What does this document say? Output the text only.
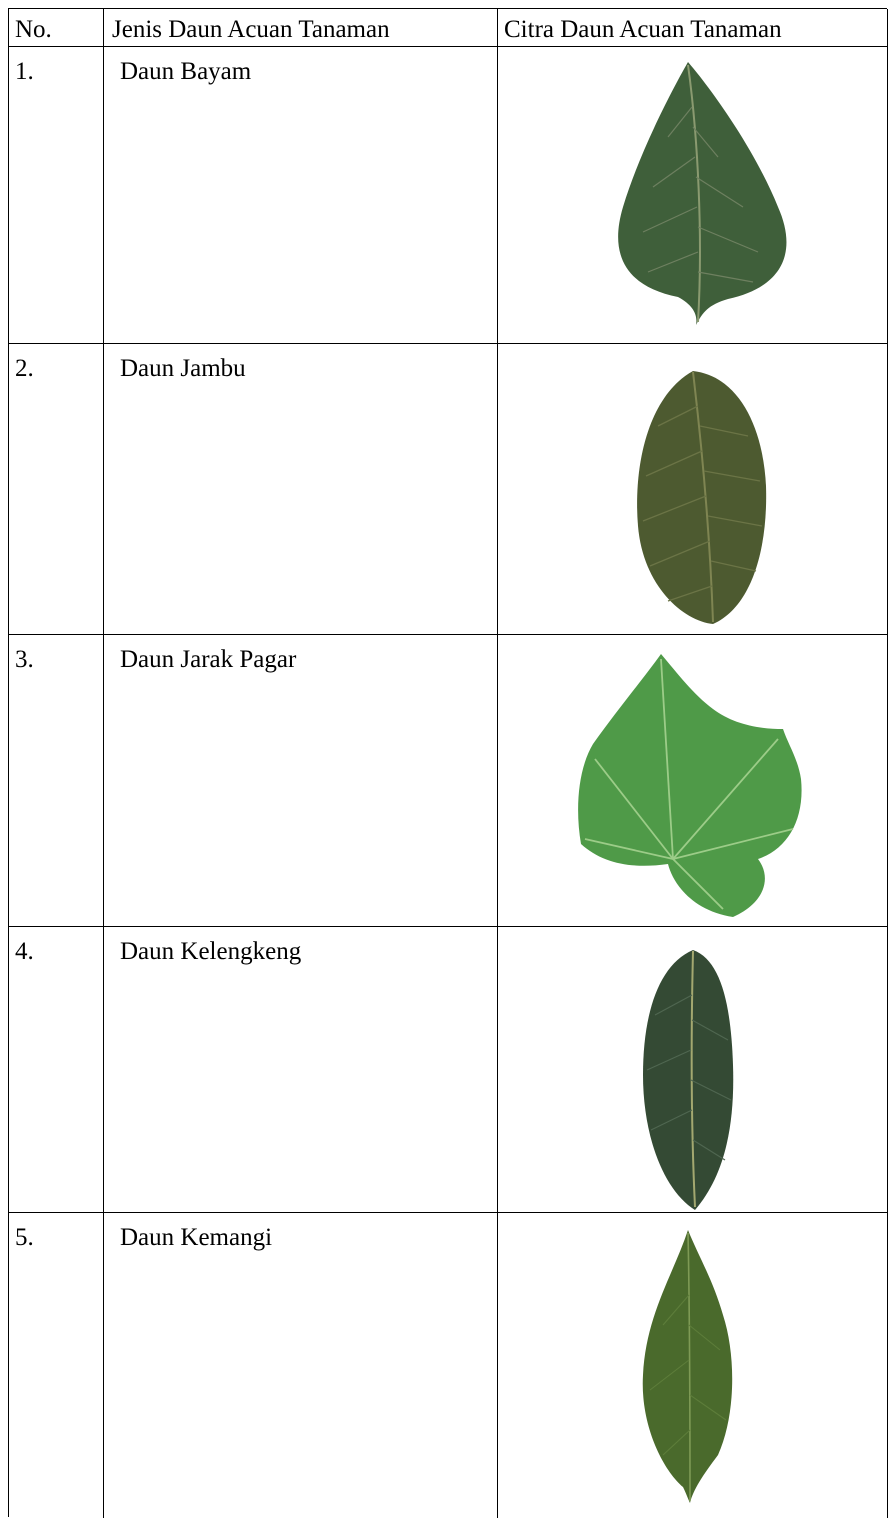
No.	Jenis Daun Acuan Tanaman	Citra Daun Acuan Tanaman
1.	Daun Bayam
2.	Daun Jambu
3.	Daun Jarak Pagar
4.	Daun Kelengkeng
5.	Daun Kemangi
